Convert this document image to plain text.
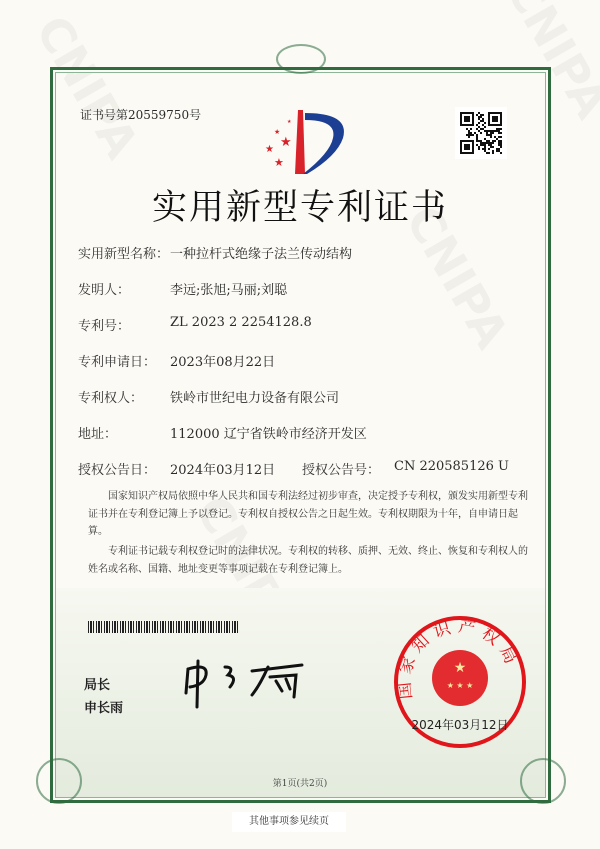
证书号第20559750号
★
★
★
★
★
实用新型专利证书
实用新型名称： 一种拉杆式绝缘子法兰传动结构
发明人：	李远;张旭;马丽;刘聪
专利号：	ZL 2023 2 2254128.8
专利申请日：	2023年08月22日
专利权人：	铁岭市世纪电力设备有限公司
地址：	112000 辽宁省铁岭市经济开发区
授权公告日：	2024年03月12日 授权公告号：	CN 220585126 U
国家知识产权局依照中华人民共和国专利法经过初步审查，决定授予专利权，颁发实用新型专利证书并在专利登记簿上予以登记。专利权自授权公告之日起生效。专利权期限为十年，自申请日起算。
专利证书记载专利权登记时的法律状况。专利权的转移、质押、无效、终止、恢复和专利权人的姓名或名称、国籍、地址变更等事项记载在专利登记簿上。
局长
申长雨
国家知识产权局
★
★ ★ ★
2024年03月12日
第1页(共2页)
其他事项参见续页
